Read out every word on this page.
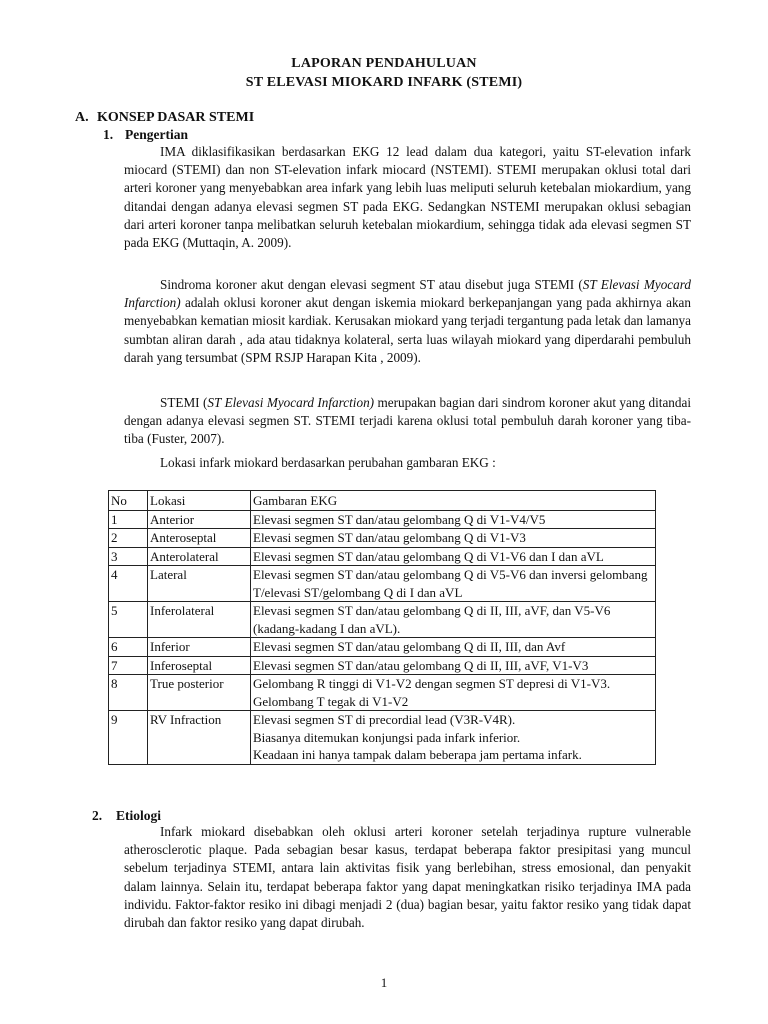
LAPORAN PENDAHULUAN
ST ELEVASI MIOKARD INFARK (STEMI)
A. KONSEP DASAR STEMI
1. Pengertian

IMA diklasifikasikan berdasarkan EKG 12 lead dalam dua kategori, yaitu ST-elevation infark miocard (STEMI) dan non ST-elevation infark miocard (NSTEMI). STEMI merupakan oklusi total dari arteri koroner yang menyebabkan area infark yang lebih luas meliputi seluruh ketebalan miokardium, yang ditandai dengan adanya elevasi segmen ST pada EKG. Sedangkan NSTEMI merupakan oklusi sebagian dari arteri koroner tanpa melibatkan seluruh ketebalan miokardium, sehingga tidak ada elevasi segmen ST pada EKG (Muttaqin, A. 2009).

Sindroma koroner akut dengan elevasi segment ST atau disebut juga STEMI (ST Elevasi Myocard Infarction) adalah oklusi koroner akut dengan iskemia miokard berkepanjangan yang pada akhirnya akan menyebabkan kematian miosit kardiak. Kerusakan miokard yang terjadi tergantung pada letak dan lamanya sumbtan aliran darah , ada atau tidaknya kolateral, serta luas wilayah miokard yang diperdarahi pembuluh darah yang tersumbat (SPM RSJP Harapan Kita , 2009).

STEMI (ST Elevasi Myocard Infarction) merupakan bagian dari sindrom koroner akut yang ditandai dengan adanya elevasi segmen ST. STEMI terjadi karena oklusi total pembuluh darah koroner yang tiba-tiba (Fuster, 2007).

Lokasi infark miokard berdasarkan perubahan gambaran EKG :

No	Lokasi	Gambaran EKG
1	Anterior	Elevasi segmen ST dan/atau gelombang Q di V1-V4/V5
2	Anteroseptal	Elevasi segmen ST dan/atau gelombang Q di V1-V3
3	Anterolateral	Elevasi segmen ST dan/atau gelombang Q di V1-V6 dan I dan aVL
4	Lateral	Elevasi segmen ST dan/atau gelombang Q di V5-V6 dan inversi gelombang T/elevasi ST/gelombang Q di I dan aVL
5	Inferolateral	Elevasi segmen ST dan/atau gelombang Q di II, III, aVF, dan V5-V6 (kadang-kadang I dan aVL).
6	Inferior	Elevasi segmen ST dan/atau gelombang Q di II, III, dan Avf
7	Inferoseptal	Elevasi segmen ST dan/atau gelombang Q di II, III, aVF, V1-V3
8	True posterior	Gelombang R tinggi di V1-V2 dengan segmen ST depresi di V1-V3. Gelombang T tegak di V1-V2
9	RV Infraction	Elevasi segmen ST di precordial lead (V3R-V4R).
Biasanya ditemukan konjungsi pada infark inferior.
Keadaan ini hanya tampak dalam beberapa jam pertama infark.
2. Etiologi

Infark miokard disebabkan oleh oklusi arteri koroner setelah terjadinya rupture vulnerable atherosclerotic plaque. Pada sebagian besar kasus, terdapat beberapa faktor presipitasi yang muncul sebelum terjadinya STEMI, antara lain aktivitas fisik yang berlebihan, stress emosional, dan penyakit dalam lainnya. Selain itu, terdapat beberapa faktor yang dapat meningkatkan risiko terjadinya IMA pada individu. Faktor-faktor resiko ini dibagi menjadi 2 (dua) bagian besar, yaitu faktor resiko yang tidak dapat dirubah dan faktor resiko yang dapat dirubah.

1
